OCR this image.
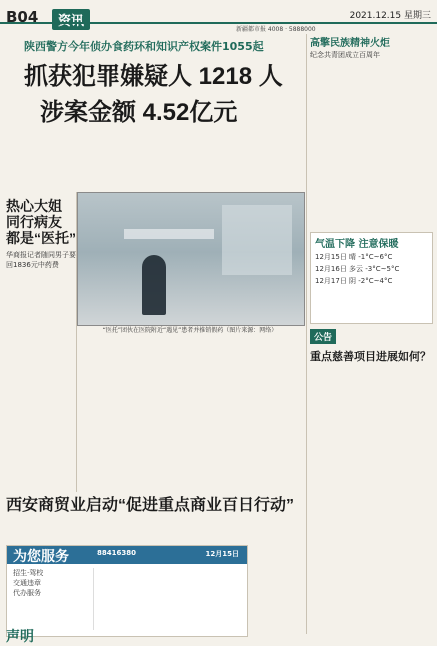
B04	资讯	2021.12.15 星期三
新疆都市报 4008 · 5888000
陕西警方今年侦办食药环和知识产权案件1055起
抓获犯罪嫌疑人 1218 人
涉案金额 4.52亿元
热心大姐
同行病友
都是“医托”
华商报记者随同男子要回1836元中药费
“医托”团伙在医院附近“遇见”患者并推销假药（图片来源：网络）
西安商贸业启动“促进重点商业百日行动”
为您服务	88416380	12月15日
招生·驾校
交通违章
代办服务
声明
高擎民族精神火炬
纪念共青团成立百周年
气温下降 注意保暖
12月15日 晴 -1°C~6°C
12月16日 多云 -3°C~5°C
12月17日 阴 -2°C~4°C
公告
重点慈善项目进展如何？
